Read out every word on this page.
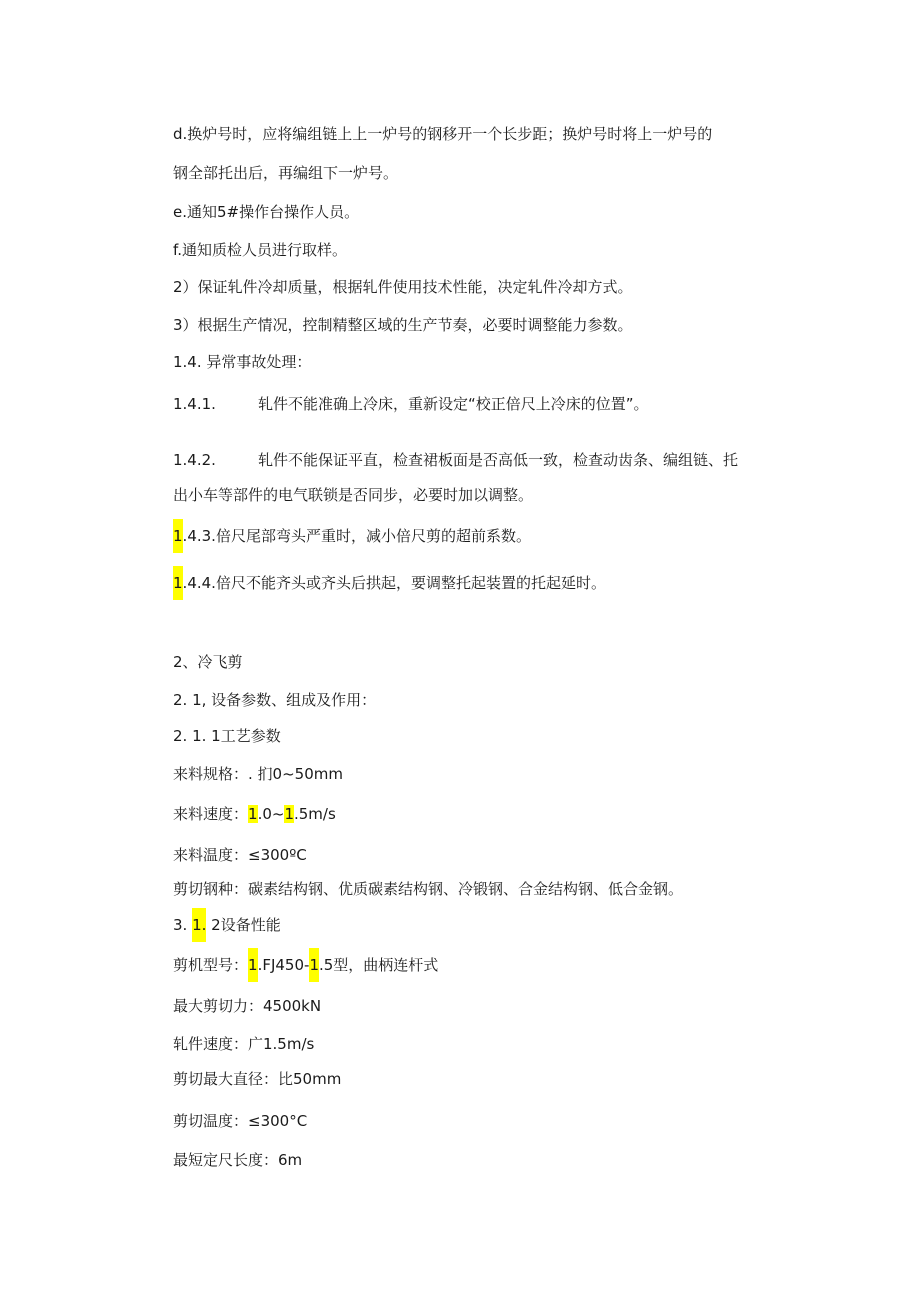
d.换炉号时，应将编组链上上一炉号的钢移开一个长步距；换炉号时将上一炉号的
钢全部托出后，再编组下一炉号。
e.通知5#操作台操作人员。
f.通知质检人员进行取样。
2）保证轧件冷却质量，根据轧件使用技术性能，决定轧件冷却方式。
3）根据生产情况，控制精整区域的生产节奏，必要时调整能力参数。
1.4. 异常事故处理：
1.4.1.	轧件不能准确上冷床，重新设定“校正倍尺上冷床的位置”。
1.4.2.	轧件不能保证平直，检查裙板面是否高低一致，检查动齿条、编组链、托
出小车等部件的电气联锁是否同步，必要时加以调整。
1.4.3.倍尺尾部弯头严重时，减小倍尺剪的超前系数。
1.4.4.倍尺不能齐头或齐头后拱起，要调整托起装置的托起延时。
2、冷飞剪
2. 1, 设备参数、组成及作用：
2. 1. 1工艺参数
来料规格：. 扪0~50mm
来料速度：1.0~1.5m/s
来料温度：≤300ºC
剪切钢种：碳素结构钢、优质碳素结构钢、冷锻钢、合金结构钢、低合金钢。
3. 1. 2设备性能
剪机型号：1.FJ450-1.5型，曲柄连杆式
最大剪切力：4500kN
轧件速度：广1.5m/s
剪切最大直径：比50mm
剪切温度：≤300°C
最短定尺长度：6m
